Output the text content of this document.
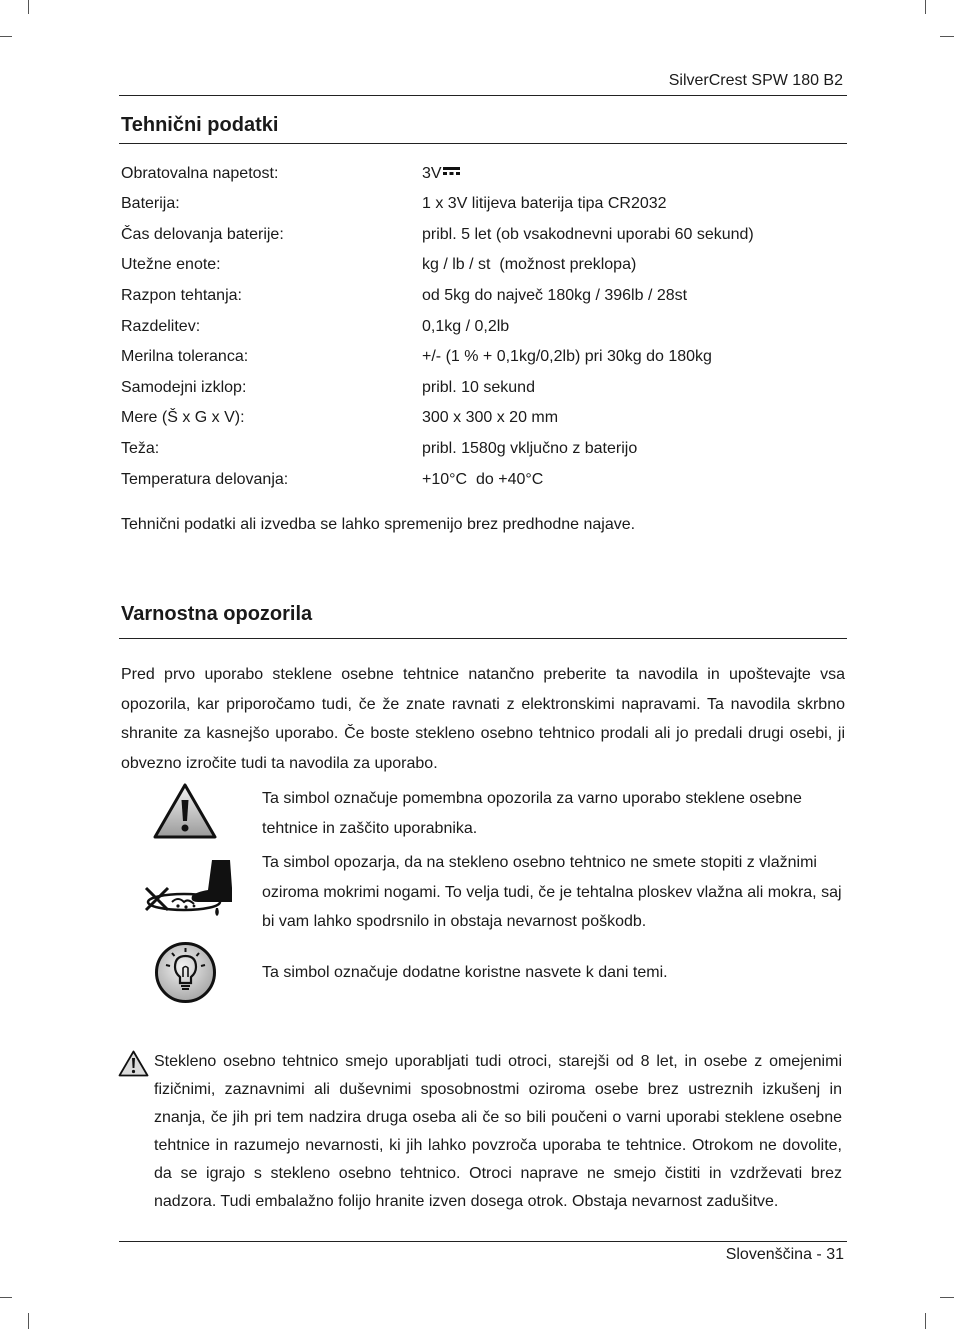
SilverCrest SPW 180 B2
Tehnični podatki
Obratovalna napetost:	3V
Baterija:	1 x 3V litijeva baterija tipa CR2032
Čas delovanja baterije:	pribl. 5 let (ob vsakodnevni uporabi 60 sekund)
Utežne enote:	kg / lb / st  (možnost preklopa)
Razpon tehtanja:	od 5kg do največ 180kg / 396lb / 28st
Razdelitev:	0,1kg / 0,2lb
Merilna toleranca:	+/- (1 % + 0,1kg/0,2lb) pri 30kg do 180kg
Samodejni izklop:	pribl. 10 sekund
Mere (Š x G x V):	300 x 300 x 20 mm
Teža:	pribl. 1580g vključno z baterijo
Temperatura delovanja:	+10°C  do +40°C
Tehnični podatki ali izvedba se lahko spremenijo brez predhodne najave.
Varnostna opozorila

Pred prvo uporabo steklene osebne tehtnice natančno preberite ta navodila in upoštevajte vsa opozorila, kar priporočamo tudi, če že znate ravnati z elektronskimi napravami. Ta navodila skrbno shranite za kasnejšo uporabo. Če boste stekleno osebno tehtnico prodali ali jo predali drugi osebi, ji obvezno izročite tudi ta navodila za uporabo.

Ta simbol označuje pomembna opozorila za varno uporabo steklene osebne tehtnice in zaščito uporabnika.

Ta simbol opozarja, da na stekleno osebno tehtnico ne smete stopiti z vlažnimi oziroma mokrimi nogami. To velja tudi, če je tehtalna ploskev vlažna ali mokra, saj bi vam lahko spodrsnilo in obstaja nevarnost poškodb.

Ta simbol označuje dodatne koristne nasvete k dani temi.

Stekleno osebno tehtnico smejo uporabljati tudi otroci, starejši od 8 let, in osebe z omejenimi fizičnimi, zaznavnimi ali duševnimi sposobnostmi oziroma osebe brez ustreznih izkušenj in znanja, če jih pri tem nadzira druga oseba ali če so bili poučeni o varni uporabi steklene osebne tehtnice in razumejo nevarnosti, ki jih lahko povzroča uporaba te tehtnice. Otrokom ne dovolite, da se igrajo s stekleno osebno tehtnico. Otroci naprave ne smejo čistiti in vzdrževati brez nadzora. Tudi embalažno folijo hranite izven dosega otrok. Obstaja nevarnost zadušitve.

Slovenščina - 31
